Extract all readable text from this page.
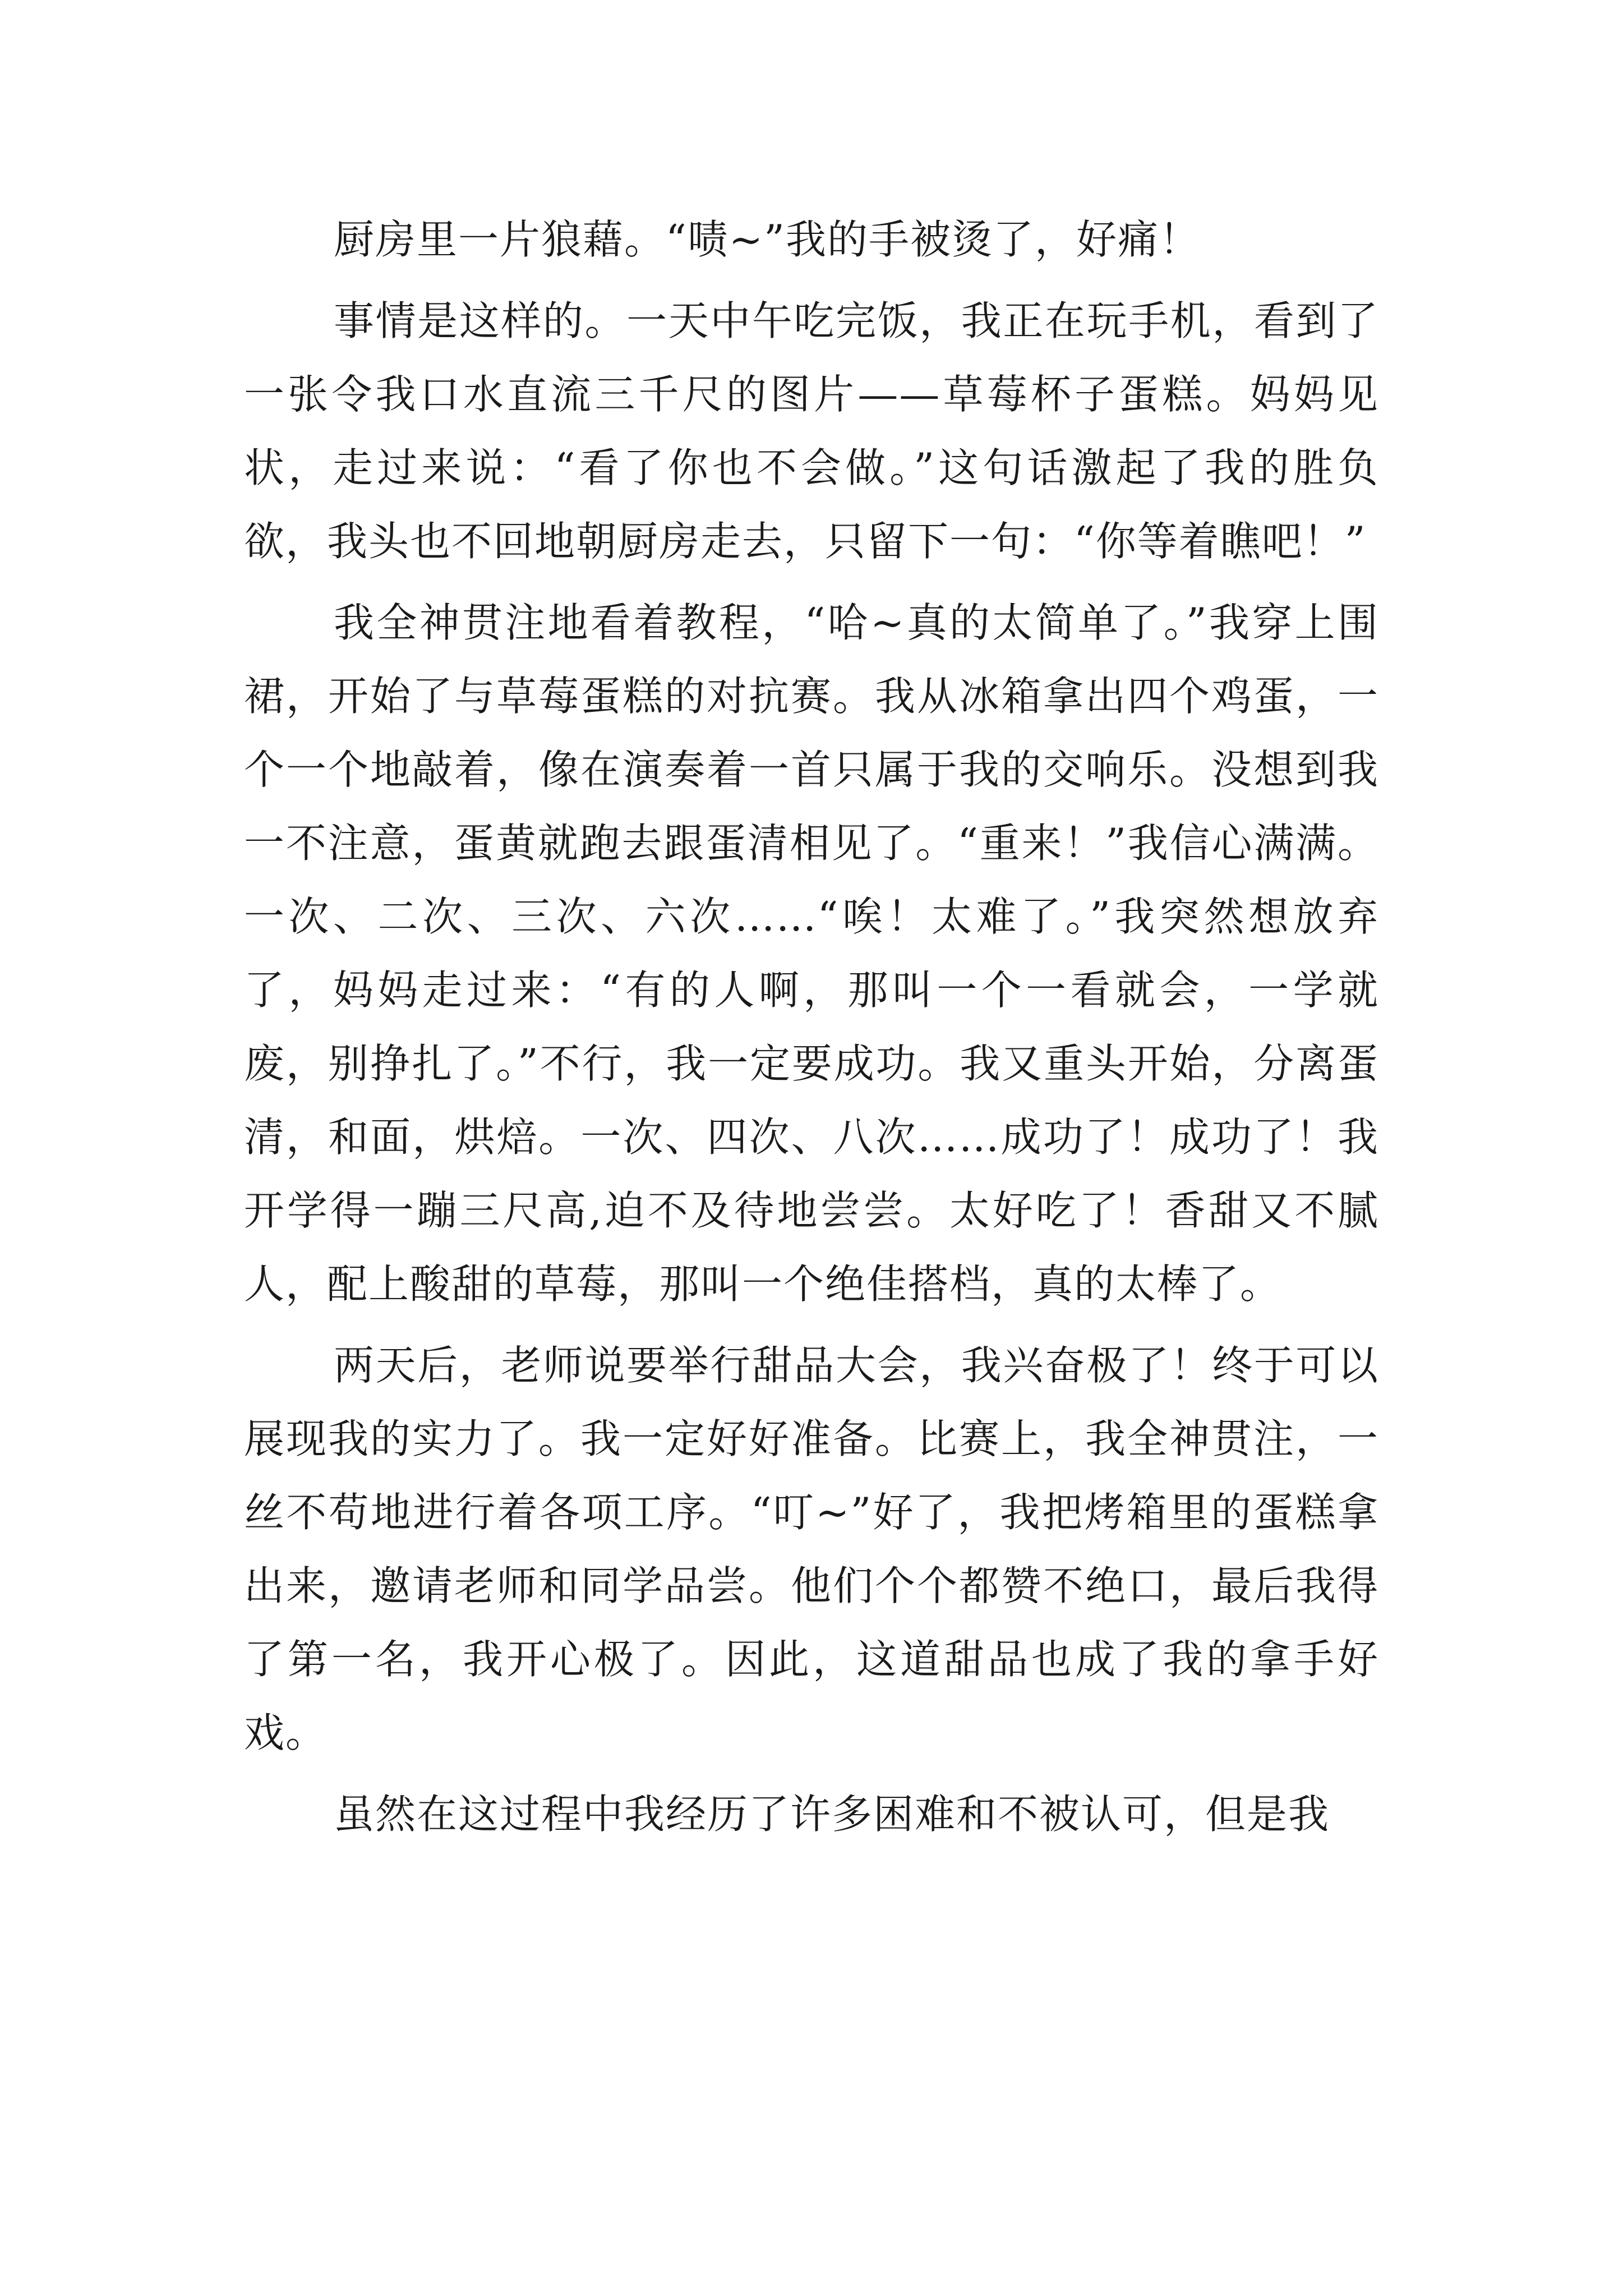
厨房里一片狼藉。“啧~”我的手被烫了，好痛！

事情是这样的。一天中午吃完饭，我正在玩手机，看到了一张令我口水直流三千尺的图片——草莓杯子蛋糕。妈妈见状，走过来说：“看了你也不会做。”这句话激起了我的胜负欲，我头也不回地朝厨房走去，只留下一句：“你等着瞧吧！”

我全神贯注地看着教程，“哈~真的太简单了。”我穿上围裙，开始了与草莓蛋糕的对抗赛。我从冰箱拿出四个鸡蛋，一个一个地敲着，像在演奏着一首只属于我的交响乐。没想到我一不注意，蛋黄就跑去跟蛋清相见了。“重来！”我信心满满。一次、二次、三次、六次……“唉！太难了。”我突然想放弃了，妈妈走过来：“有的人啊，那叫一个一看就会，一学就废，别挣扎了。”不行，我一定要成功。我又重头开始，分离蛋清，和面，烘焙。一次、四次、八次……成功了！成功了！我开学得一蹦三尺高,迫不及待地尝尝。太好吃了！香甜又不腻人，配上酸甜的草莓，那叫一个绝佳搭档，真的太棒了。

两天后，老师说要举行甜品大会，我兴奋极了！终于可以展现我的实力了。我一定好好准备。比赛上，我全神贯注，一丝不苟地进行着各项工序。“叮~”好了，我把烤箱里的蛋糕拿出来，邀请老师和同学品尝。他们个个都赞不绝口，最后我得了第一名，我开心极了。因此，这道甜品也成了我的拿手好戏。

虽然在这过程中我经历了许多困难和不被认可，但是我
